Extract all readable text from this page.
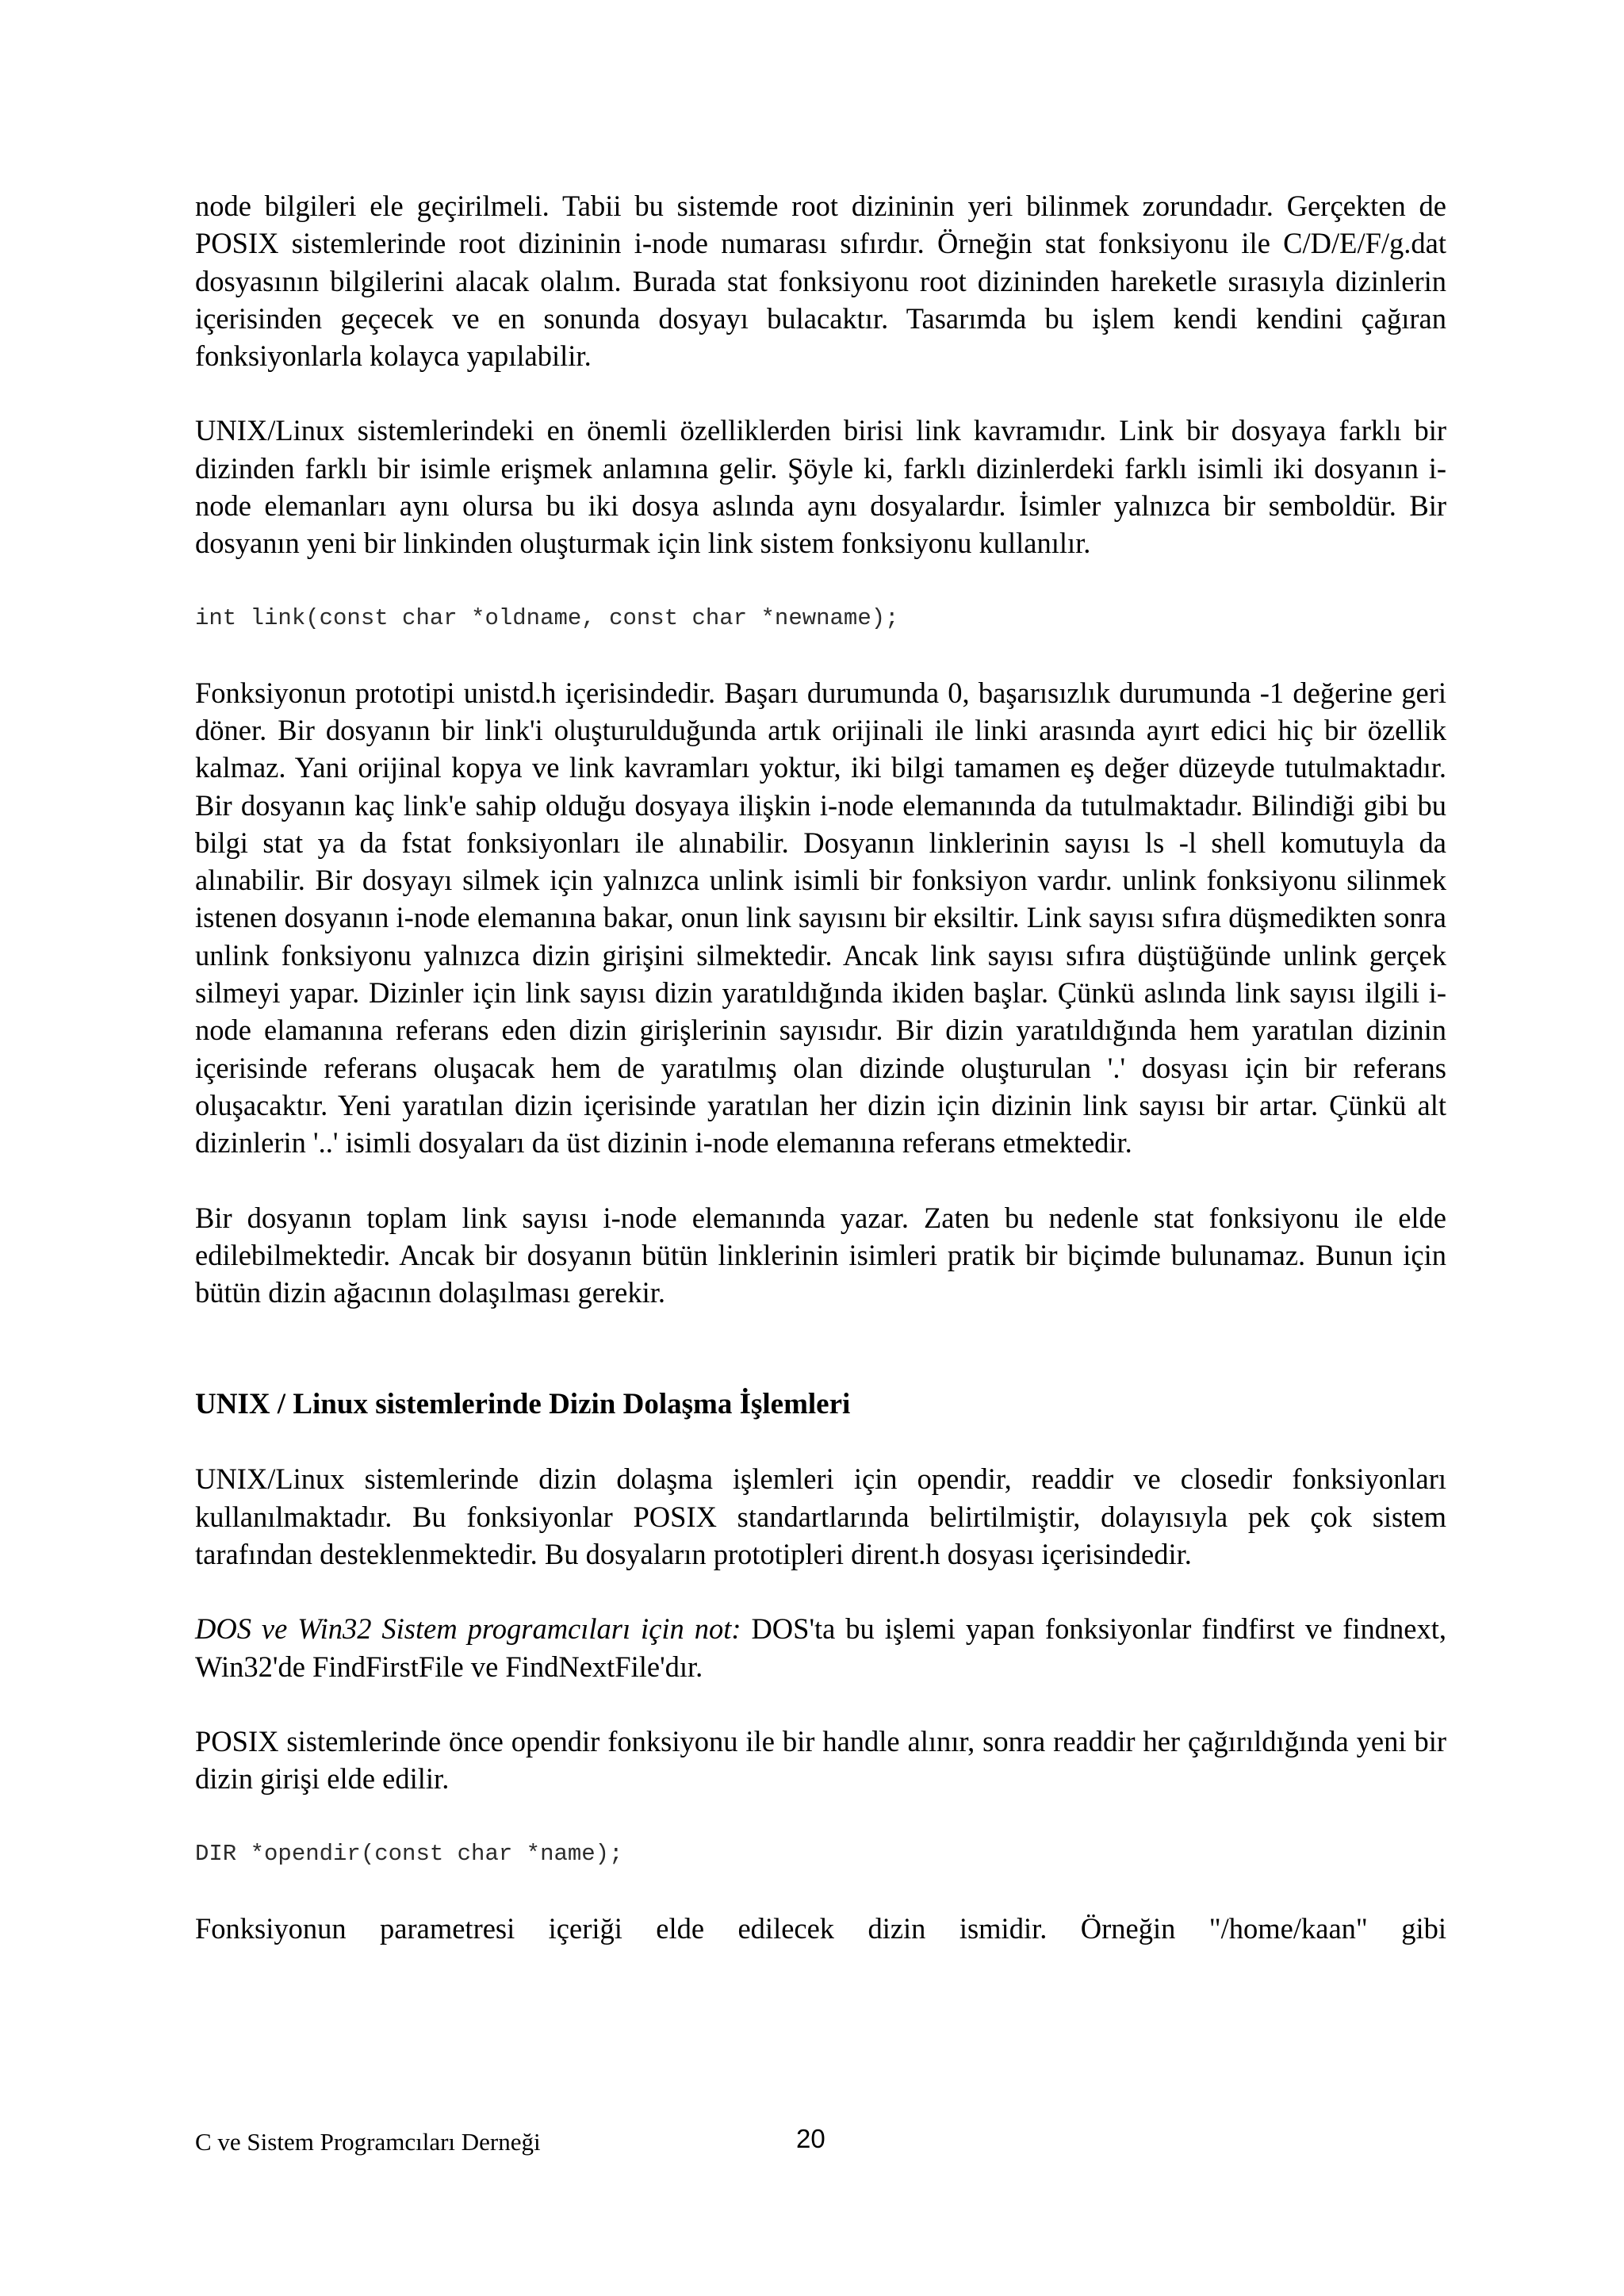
node bilgileri ele geçirilmeli. Tabii bu sistemde root dizininin yeri bilinmek zorundadır. Gerçekten de POSIX sistemlerinde root dizininin i-node numarası sıfırdır. Örneğin stat fonksiyonu ile C/D/E/F/g.dat dosyasının bilgilerini alacak olalım. Burada stat fonksiyonu root dizininden hareketle sırasıyla dizinlerin içerisinden geçecek ve en sonunda dosyayı bulacaktır. Tasarımda bu işlem kendi kendini çağıran fonksiyonlarla kolayca yapılabilir.

UNIX/Linux sistemlerindeki en önemli özelliklerden birisi link kavramıdır. Link bir dosyaya farklı bir dizinden farklı bir isimle erişmek anlamına gelir. Şöyle ki, farklı dizinlerdeki farklı isimli iki dosyanın i-node elemanları aynı olursa bu iki dosya aslında aynı dosyalardır. İsimler yalnızca bir semboldür. Bir dosyanın yeni bir linkinden oluşturmak için link sistem fonksiyonu kullanılır.

int link(const char *oldname, const char *newname);

Fonksiyonun prototipi unistd.h içerisindedir. Başarı durumunda 0, başarısızlık durumunda -1 değerine geri döner. Bir dosyanın bir link'i oluşturulduğunda artık orijinali ile linki arasında ayırt edici hiç bir özellik kalmaz. Yani orijinal kopya ve link kavramları yoktur, iki bilgi tamamen eş değer düzeyde tutulmaktadır. Bir dosyanın kaç link'e sahip olduğu dosyaya ilişkin i-node elemanında da tutulmaktadır. Bilindiği gibi bu bilgi stat ya da fstat fonksiyonları ile alınabilir. Dosyanın linklerinin sayısı ls -l shell komutuyla da alınabilir. Bir dosyayı silmek için yalnızca unlink isimli bir fonksiyon vardır. unlink fonksiyonu silinmek istenen dosyanın i-node elemanına bakar, onun link sayısını bir eksiltir. Link sayısı sıfıra düşmedikten sonra unlink fonksiyonu yalnızca dizin girişini silmektedir. Ancak link sayısı sıfıra düştüğünde unlink gerçek silmeyi yapar. Dizinler için link sayısı dizin yaratıldığında ikiden başlar. Çünkü aslında link sayısı ilgili i-node elamanına referans eden dizin girişlerinin sayısıdır. Bir dizin yaratıldığında hem yaratılan dizinin içerisinde referans oluşacak hem de yaratılmış olan dizinde oluşturulan '.' dosyası için bir referans oluşacaktır. Yeni yaratılan dizin içerisinde yaratılan her dizin için dizinin link sayısı bir artar. Çünkü alt dizinlerin '..' isimli dosyaları da üst dizinin i-node elemanına referans etmektedir.

Bir dosyanın toplam link sayısı i-node elemanında yazar. Zaten bu nedenle stat fonksiyonu ile elde edilebilmektedir. Ancak bir dosyanın bütün linklerinin isimleri pratik bir biçimde bulunamaz. Bunun için bütün dizin ağacının dolaşılması gerekir.

UNIX / Linux sistemlerinde Dizin Dolaşma İşlemleri

UNIX/Linux sistemlerinde dizin dolaşma işlemleri için opendir, readdir ve closedir fonksiyonları kullanılmaktadır. Bu fonksiyonlar POSIX standartlarında belirtilmiştir, dolayısıyla pek çok sistem tarafından desteklenmektedir. Bu dosyaların prototipleri dirent.h dosyası içerisindedir.

DOS ve Win32 Sistem programcıları için not: DOS'ta bu işlemi yapan fonksiyonlar findfirst ve findnext, Win32'de FindFirstFile ve FindNextFile'dır.

POSIX sistemlerinde önce opendir fonksiyonu ile bir handle alınır, sonra readdir her çağırıldığında yeni bir dizin girişi elde edilir.

DIR *opendir(const char *name);

Fonksiyonun parametresi içeriği elde edilecek dizin ismidir. Örneğin "/home/kaan" gibi

C ve Sistem Programcıları Derneği	20
